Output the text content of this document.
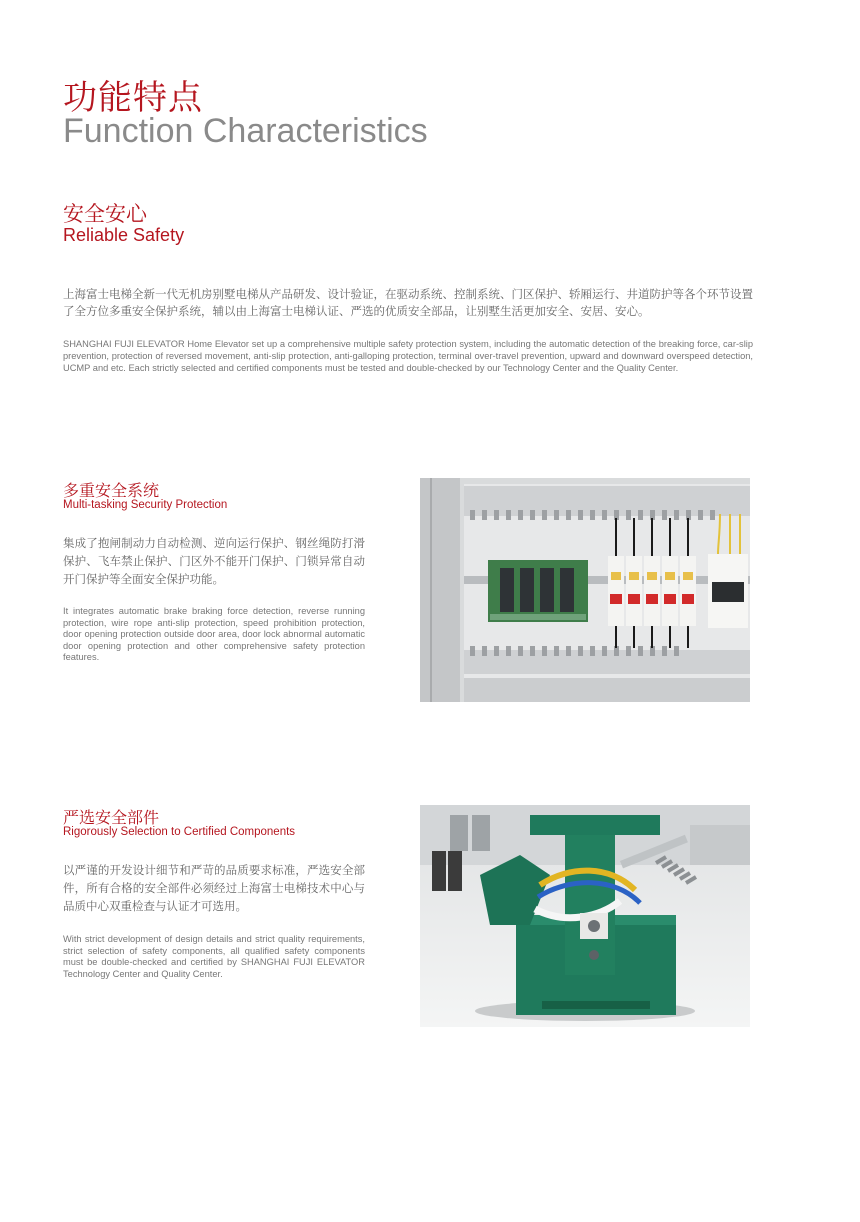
功能特点
Function Characteristics
安全安心
Reliable Safety

上海富士电梯全新一代无机房别墅电梯从产品研发、设计验证，在驱动系统、控制系统、门区保护、轿厢运行、井道防护等各个环节设置了全方位多重安全保护系统，辅以由上海富士电梯认证、严选的优质安全部品，让别墅生活更加安全、安居、安心。

SHANGHAI FUJI ELEVATOR Home Elevator set up a comprehensive multiple safety protection system, including the automatic detection of the breaking force, car-slip prevention, protection of reversed movement, anti-slip protection, anti-galloping protection, terminal over-travel prevention, upward and downward overspeed detection, UCMP and etc. Each strictly selected and certified components must be tested and double-checked by our Technology Center and the Quality Center.

多重安全系统
Multi-tasking Security Protection

集成了抱闸制动力自动检测、逆向运行保护、钢丝绳防打滑保护、飞车禁止保护、门区外不能开门保护、门锁异常自动开门保护等全面安全保护功能。

It integrates automatic brake braking force detection, reverse running protection, wire rope anti-slip protection, speed prohibition protection, door opening protection outside door area, door lock abnormal automatic door opening protection and other comprehensive safety protection features.

严选安全部件
Rigorously Selection to Certified Components

以严谨的开发设计细节和严苛的品质要求标准，严选安全部件，所有合格的安全部件必须经过上海富士电梯技术中心与品质中心双重检查与认证才可选用。

With strict development of design details and strict quality requirements, strict selection of safety components, all qualified safety components must be double-checked and certified by SHANGHAI FUJI ELEVATOR Technology Center and Quality Center.
